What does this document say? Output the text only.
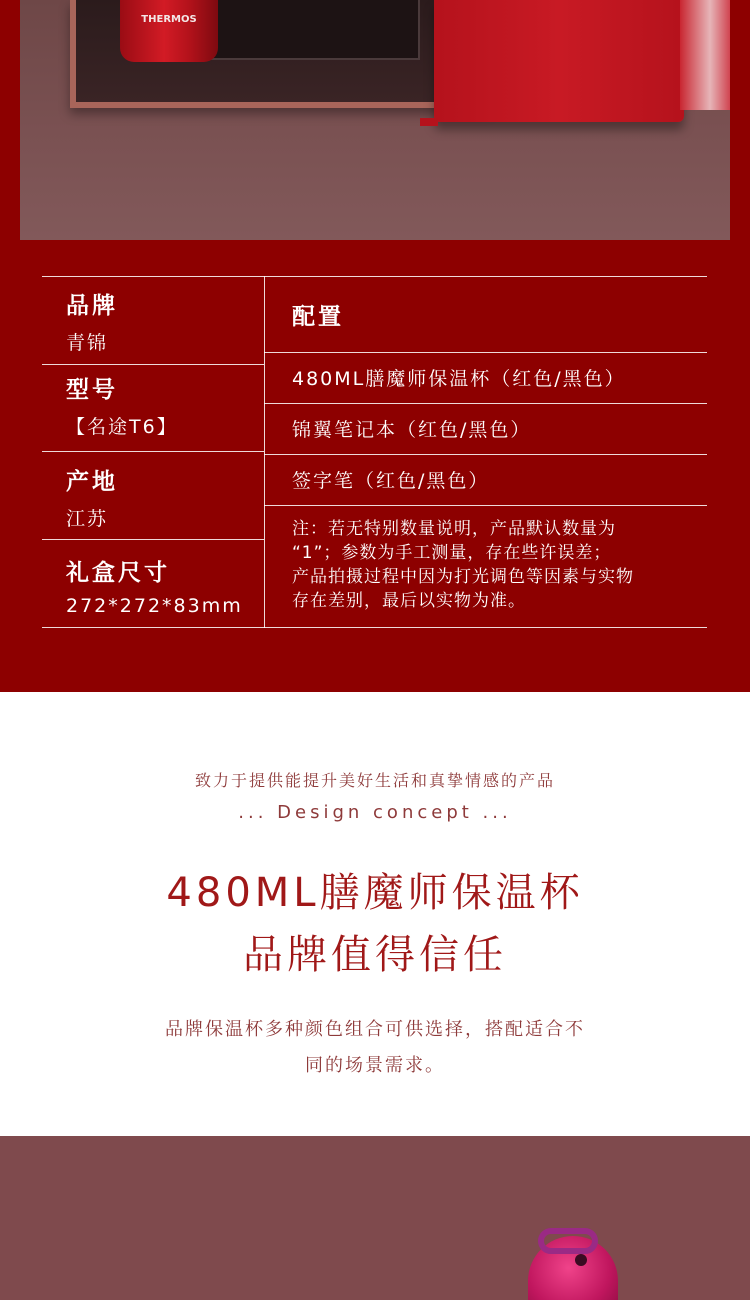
THERMOS
品牌
青锦
型号
【名途T6】
产地
江苏
礼盒尺寸
272*272*83mm
配置
480ML膳魔师保温杯（红色/黑色）
锦翼笔记本（红色/黑色）
签字笔（红色/黑色）
注：若无特别数量说明，产品默认数量为
“1”；参数为手工测量，存在些许误差；
产品拍摄过程中因为打光调色等因素与实物
存在差别，最后以实物为准。
致力于提供能提升美好生活和真挚情感的产品
... Design concept ...
480ML膳魔师保温杯
品牌值得信任
品牌保温杯多种颜色组合可供选择，搭配适合不
同的场景需求。
